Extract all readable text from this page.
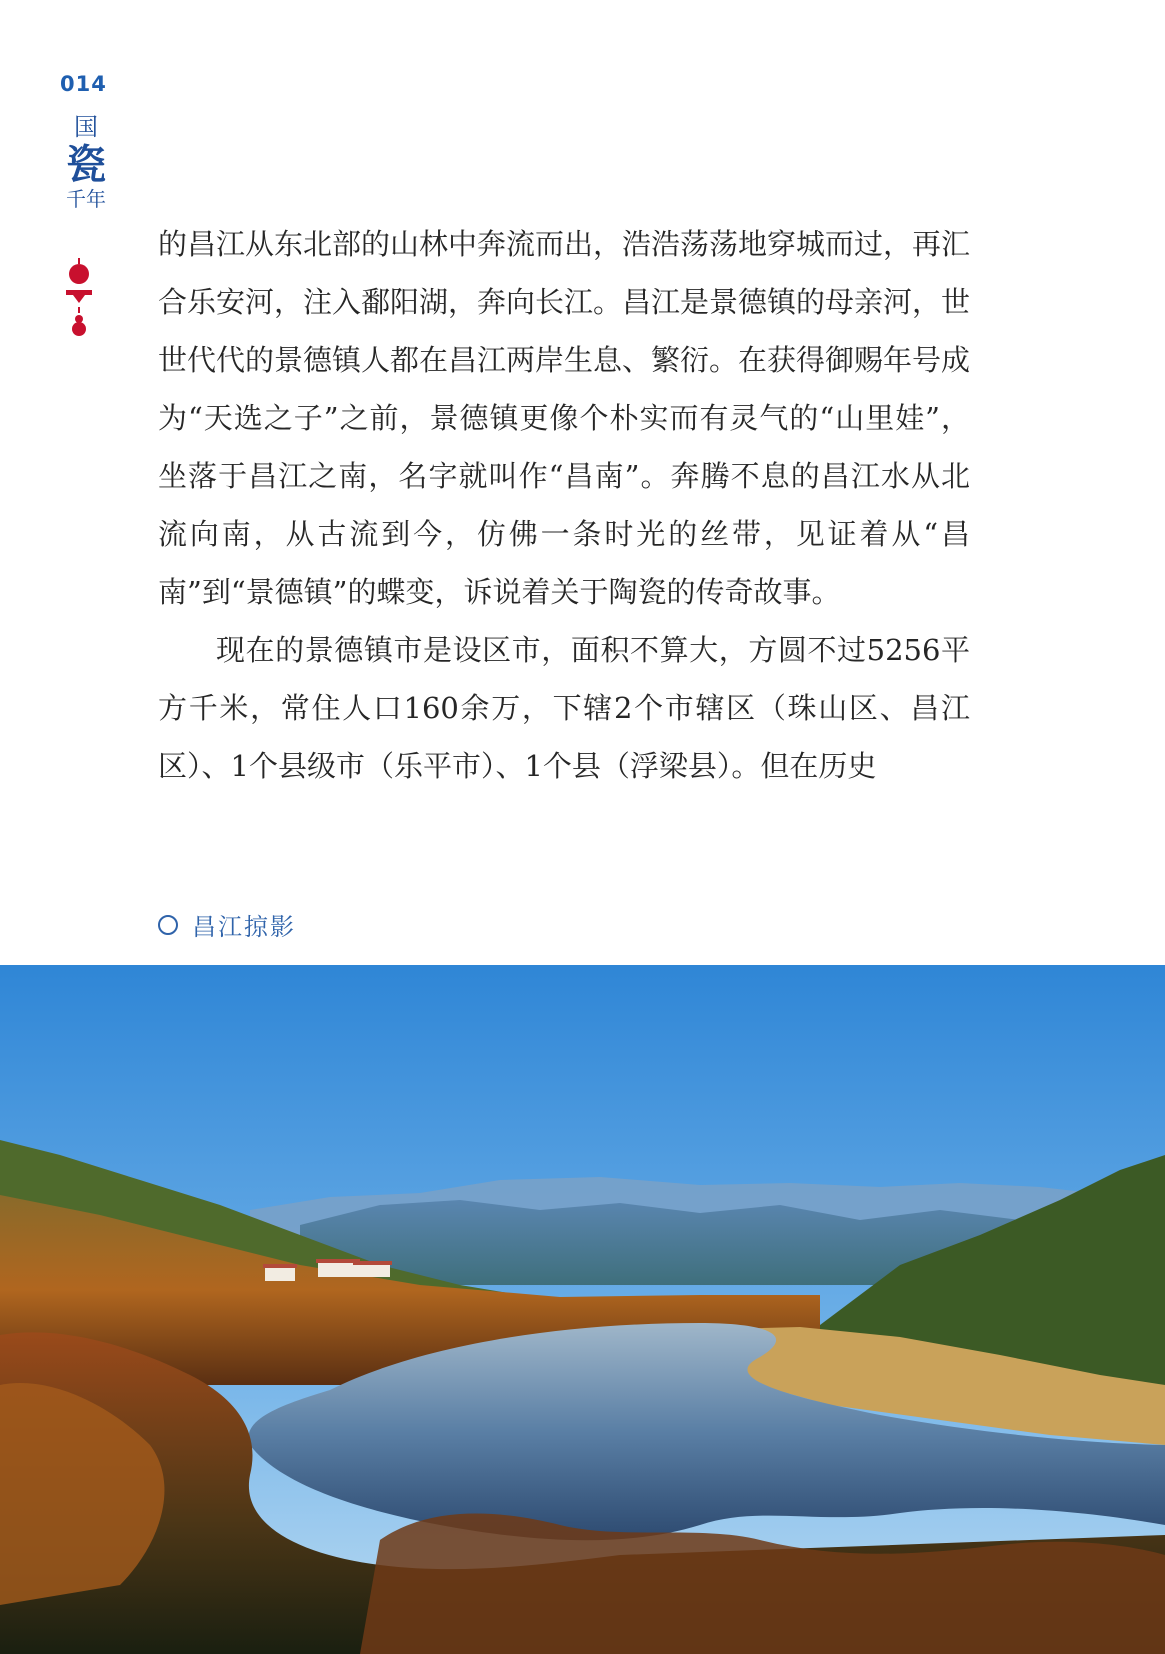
014
国
瓷
千年

的昌江从东北部的山林中奔流而出，浩浩荡荡地穿城而过，再汇合乐安河，注入鄱阳湖，奔向长江。昌江是景德镇的母亲河，世世代代的景德镇人都在昌江两岸生息、繁衍。在获得御赐年号成为“天选之子”之前，景德镇更像个朴实而有灵气的“山里娃”，坐落于昌江之南，名字就叫作“昌南”。奔腾不息的昌江水从北流向南，从古流到今，仿佛一条时光的丝带，见证着从“昌南”到“景德镇”的蝶变，诉说着关于陶瓷的传奇故事。

现在的景德镇市是设区市，面积不算大，方圆不过5256平方千米，常住人口160余万，下辖2个市辖区（珠山区、昌江区）、1个县级市（乐平市）、1个县（浮梁县）。但在历史

昌江掠影
